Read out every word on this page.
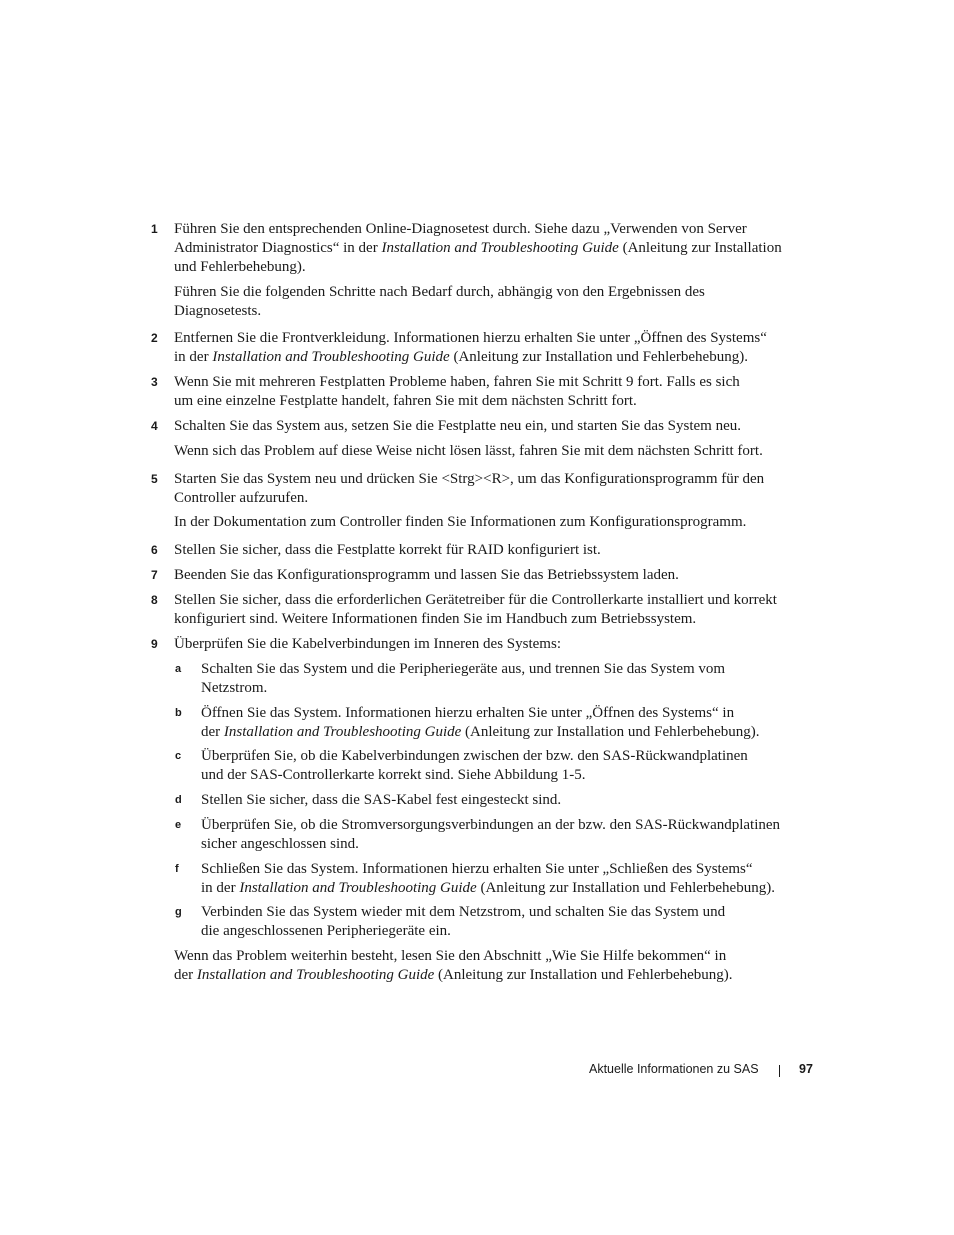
1 Führen Sie den entsprechenden Online-Diagnosetest durch. Siehe dazu „Verwenden von Server
Administrator Diagnostics“ in der Installation and Troubleshooting Guide (Anleitung zur Installation
und Fehlerbehebung).
Führen Sie die folgenden Schritte nach Bedarf durch, abhängig von den Ergebnissen des
Diagnosetests.
2 Entfernen Sie die Frontverkleidung. Informationen hierzu erhalten Sie unter „Öffnen des Systems“
in der Installation and Troubleshooting Guide (Anleitung zur Installation und Fehlerbehebung).
3 Wenn Sie mit mehreren Festplatten Probleme haben, fahren Sie mit Schritt 9 fort. Falls es sich
um eine einzelne Festplatte handelt, fahren Sie mit dem nächsten Schritt fort.
4 Schalten Sie das System aus, setzen Sie die Festplatte neu ein, und starten Sie das System neu.
Wenn sich das Problem auf diese Weise nicht lösen lässt, fahren Sie mit dem nächsten Schritt fort.
5 Starten Sie das System neu und drücken Sie <Strg><R>, um das Konfigurationsprogramm für den
Controller aufzurufen.
In der Dokumentation zum Controller finden Sie Informationen zum Konfigurationsprogramm.
6 Stellen Sie sicher, dass die Festplatte korrekt für RAID konfiguriert ist.
7 Beenden Sie das Konfigurationsprogramm und lassen Sie das Betriebssystem laden.
8 Stellen Sie sicher, dass die erforderlichen Gerätetreiber für die Controllerkarte installiert und korrekt
konfiguriert sind. Weitere Informationen finden Sie im Handbuch zum Betriebssystem.
9 Überprüfen Sie die Kabelverbindungen im Inneren des Systems:
a Schalten Sie das System und die Peripheriegeräte aus, und trennen Sie das System vom
Netzstrom.
b Öffnen Sie das System. Informationen hierzu erhalten Sie unter „Öffnen des Systems“ in
der Installation and Troubleshooting Guide (Anleitung zur Installation und Fehlerbehebung).
c Überprüfen Sie, ob die Kabelverbindungen zwischen der bzw. den SAS-Rückwandplatinen
und der SAS-Controllerkarte korrekt sind. Siehe Abbildung 1-5.
d Stellen Sie sicher, dass die SAS-Kabel fest eingesteckt sind.
e Überprüfen Sie, ob die Stromversorgungsverbindungen an der bzw. den SAS-Rückwandplatinen
sicher angeschlossen sind.
f Schließen Sie das System. Informationen hierzu erhalten Sie unter „Schließen des Systems“
in der Installation and Troubleshooting Guide (Anleitung zur Installation und Fehlerbehebung).
g Verbinden Sie das System wieder mit dem Netzstrom, und schalten Sie das System und
die angeschlossenen Peripheriegeräte ein.
Wenn das Problem weiterhin besteht, lesen Sie den Abschnitt „Wie Sie Hilfe bekommen“ in
der Installation and Troubleshooting Guide (Anleitung zur Installation und Fehlerbehebung).
Aktuelle Informationen zu SAS	97
